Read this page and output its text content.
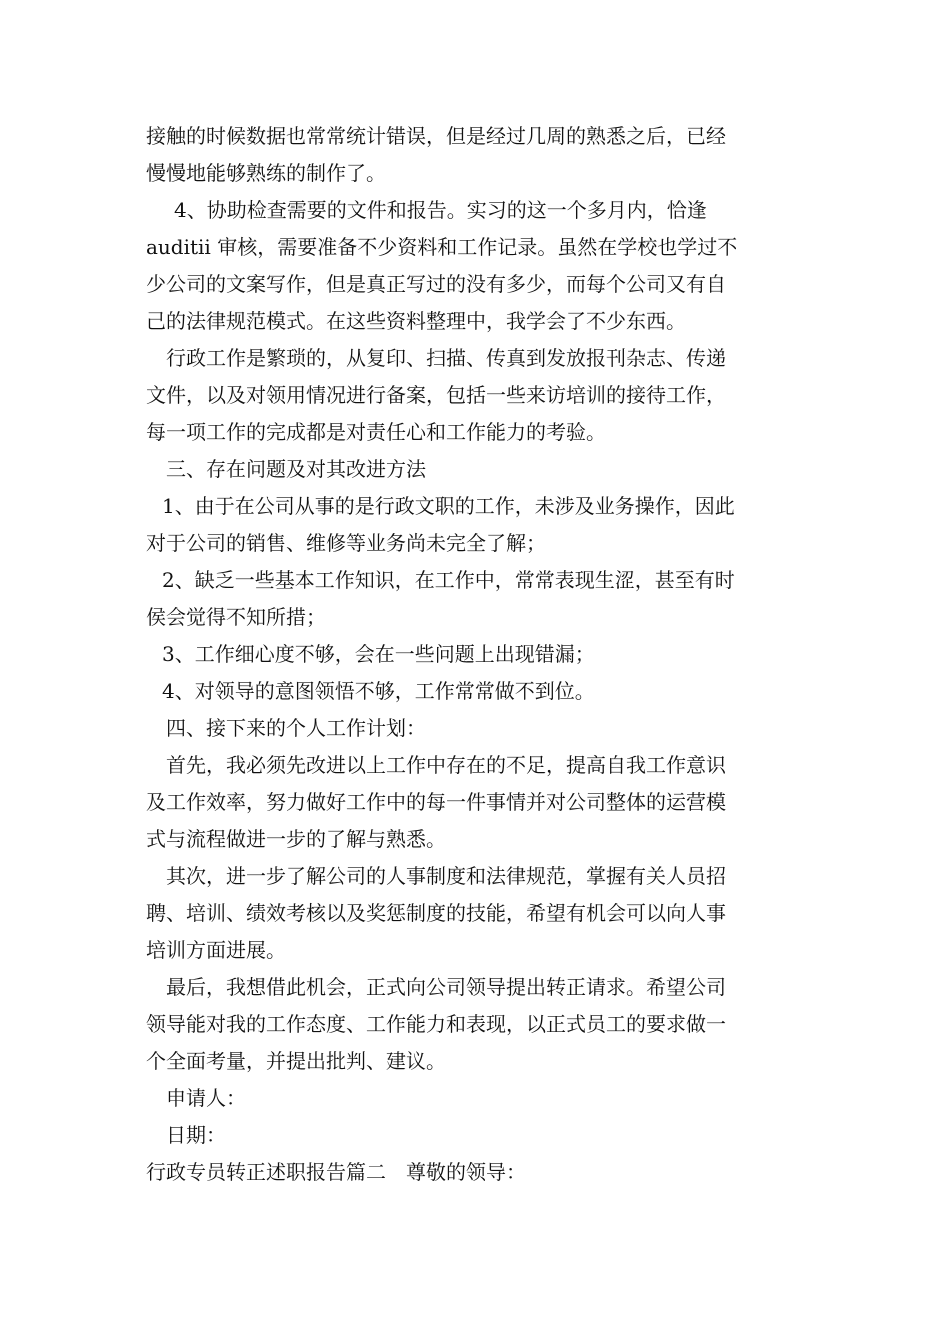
接触的时候数据也常常统计错误，但是经过几周的熟悉之后，已经
慢慢地能够熟练的制作了。
4、协助检查需要的文件和报告。实习的这一个多月内，恰逢
auditⅱ 审核，需要准备不少资料和工作记录。虽然在学校也学过不
少公司的文案写作，但是真正写过的没有多少，而每个公司又有自
己的法律规范模式。在这些资料整理中，我学会了不少东西。
行政工作是繁琐的，从复印、扫描、传真到发放报刊杂志、传递
文件，以及对领用情况进行备案，包括一些来访培训的接待工作，
每一项工作的完成都是对责任心和工作能力的考验。
三、存在问题及对其改进方法
1、由于在公司从事的是行政文职的工作，未涉及业务操作，因此
对于公司的销售、维修等业务尚未完全了解；
2、缺乏一些基本工作知识，在工作中，常常表现生涩，甚至有时
侯会觉得不知所措；
3、工作细心度不够，会在一些问题上出现错漏；
4、对领导的意图领悟不够，工作常常做不到位。
四、接下来的个人工作计划：
首先，我必须先改进以上工作中存在的不足，提高自我工作意识
及工作效率，努力做好工作中的每一件事情并对公司整体的运营模
式与流程做进一步的了解与熟悉。
其次，进一步了解公司的人事制度和法律规范，掌握有关人员招
聘、培训、绩效考核以及奖惩制度的技能，希望有机会可以向人事
培训方面进展。
最后，我想借此机会，正式向公司领导提出转正请求。希望公司
领导能对我的工作态度、工作能力和表现，以正式员工的要求做一
个全面考量，并提出批判、建议。
申请人：
日期：
行政专员转正述职报告篇二　尊敬的领导：
